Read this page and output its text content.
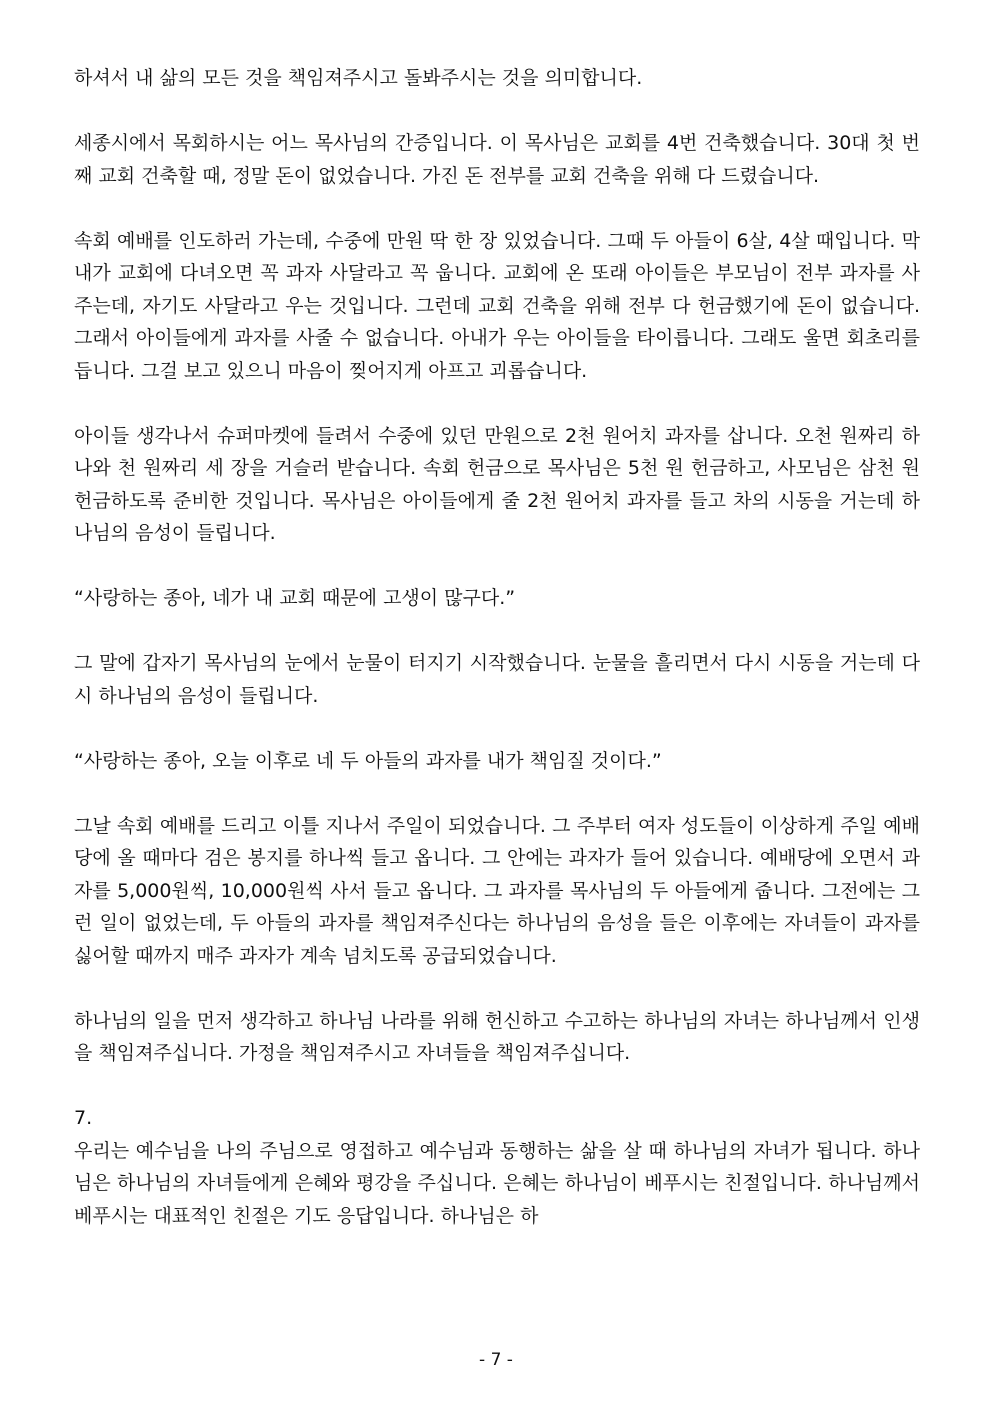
하셔서 내 삶의 모든 것을 책임져주시고 돌봐주시는 것을 의미합니다.

세종시에서 목회하시는 어느 목사님의 간증입니다. 이 목사님은 교회를 4번 건축했습니다. 30대 첫 번째 교회 건축할 때, 정말 돈이 없었습니다. 가진 돈 전부를 교회 건축을 위해 다 드렸습니다.

속회 예배를 인도하러 가는데, 수중에 만원 딱 한 장 있었습니다. 그때 두 아들이 6살, 4살 때입니다. 막내가 교회에 다녀오면 꼭 과자 사달라고 꼭 웁니다. 교회에 온 또래 아이들은 부모님이 전부 과자를 사주는데, 자기도 사달라고 우는 것입니다. 그런데 교회 건축을 위해 전부 다 헌금했기에 돈이 없습니다. 그래서 아이들에게 과자를 사줄 수 없습니다. 아내가 우는 아이들을 타이릅니다. 그래도 울면 회초리를 듭니다. 그걸 보고 있으니 마음이 찢어지게 아프고 괴롭습니다.

아이들 생각나서 슈퍼마켓에 들려서 수중에 있던 만원으로 2천 원어치 과자를 삽니다. 오천 원짜리 하나와 천 원짜리 세 장을 거슬러 받습니다. 속회 헌금으로 목사님은 5천 원 헌금하고, 사모님은 삼천 원 헌금하도록 준비한 것입니다. 목사님은 아이들에게 줄 2천 원어치 과자를 들고 차의 시동을 거는데 하나님의 음성이 들립니다.

“사랑하는 종아, 네가 내 교회 때문에 고생이 많구다.”

그 말에 갑자기 목사님의 눈에서 눈물이 터지기 시작했습니다. 눈물을 흘리면서 다시 시동을 거는데 다시 하나님의 음성이 들립니다.

“사랑하는 종아, 오늘 이후로 네 두 아들의 과자를 내가 책임질 것이다.”

그날 속회 예배를 드리고 이틀 지나서 주일이 되었습니다. 그 주부터 여자 성도들이 이상하게 주일 예배당에 올 때마다 검은 봉지를 하나씩 들고 옵니다. 그 안에는 과자가 들어 있습니다. 예배당에 오면서 과자를 5,000원씩, 10,000원씩 사서 들고 옵니다. 그 과자를 목사님의 두 아들에게 줍니다. 그전에는 그런 일이 없었는데, 두 아들의 과자를 책임져주신다는 하나님의 음성을 들은 이후에는 자녀들이 과자를 싫어할 때까지 매주 과자가 계속 넘치도록 공급되었습니다.

하나님의 일을 먼저 생각하고 하나님 나라를 위해 헌신하고 수고하는 하나님의 자녀는 하나님께서 인생을 책임져주십니다. 가정을 책임져주시고 자녀들을 책임져주십니다.

7.

우리는 예수님을 나의 주님으로 영접하고 예수님과 동행하는 삶을 살 때 하나님의 자녀가 됩니다. 하나님은 하나님의 자녀들에게 은혜와 평강을 주십니다. 은혜는 하나님이 베푸시는 친절입니다. 하나님께서 베푸시는 대표적인 친절은 기도 응답입니다. 하나님은 하

- 7 -
